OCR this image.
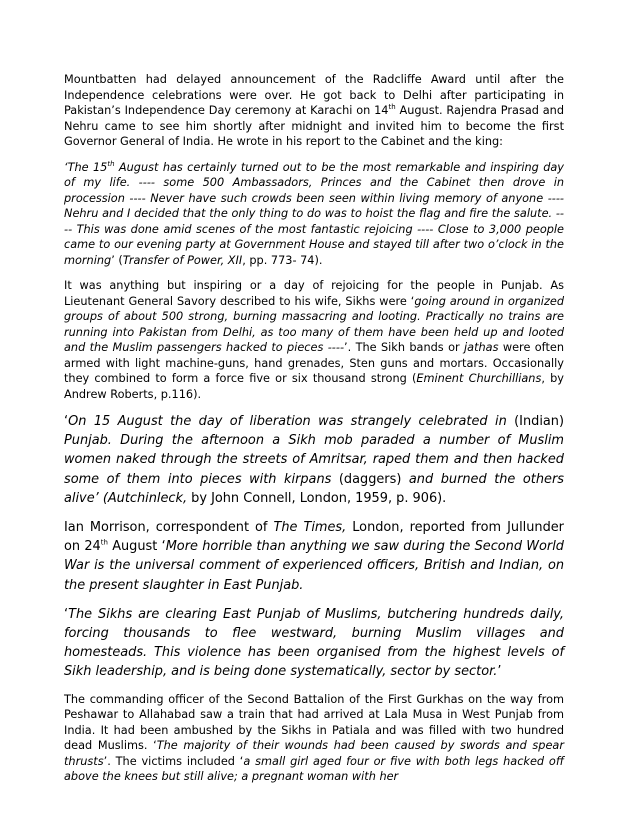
Mountbatten had delayed announcement of the Radcliffe Award until after the Independence celebrations were over. He got back to Delhi after participating in Pakistan’s Independence Day ceremony at Karachi on 14th August. Rajendra Prasad and Nehru came to see him shortly after midnight and invited him to become the first Governor General of India. He wrote in his report to the Cabinet and the king:

‘The 15th August has certainly turned out to be the most remarkable and inspiring day of my life. ---- some 500 Ambassadors, Princes and the Cabinet then drove in procession ---- Never have such crowds been seen within living memory of anyone ---- Nehru and I decided that the only thing to do was to hoist the flag and fire the salute. ---- This was done amid scenes of the most fantastic rejoicing ---- Close to 3,000 people came to our evening party at Government House and stayed till after two o’clock in the morning’ (Transfer of Power, XII, pp. 773- 74).

It was anything but inspiring or a day of rejoicing for the people in Punjab. As Lieutenant General Savory described to his wife, Sikhs were ‘going around in organized groups of about 500 strong, burning massacring and looting. Practically no trains are running into Pakistan from Delhi, as too many of them have been held up and looted and the Muslim passengers hacked to pieces ----’. The Sikh bands or jathas were often armed with light machine-guns, hand grenades, Sten guns and mortars. Occasionally they combined to form a force five or six thousand strong (Eminent Churchillians, by Andrew Roberts, p.116).

‘On 15 August the day of liberation was strangely celebrated in (Indian) Punjab. During the afternoon a Sikh mob paraded a number of Muslim women naked through the streets of Amritsar, raped them and then hacked some of them into pieces with kirpans (daggers) and burned the others alive’ (Autchinleck, by John Connell, London, 1959, p. 906).

Ian Morrison, correspondent of The Times, London, reported from Jullunder on 24th August ‘More horrible than anything we saw during the Second World War is the universal comment of experienced officers, British and Indian, on the present slaughter in East Punjab.

‘The Sikhs are clearing East Punjab of Muslims, butchering hundreds daily, forcing thousands to flee westward, burning Muslim villages and homesteads. This violence has been organised from the highest levels of Sikh leadership, and is being done systematically, sector by sector.’

The commanding officer of the Second Battalion of the First Gurkhas on the way from Peshawar to Allahabad saw a train that had arrived at Lala Musa in West Punjab from India. It had been ambushed by the Sikhs in Patiala and was filled with two hundred dead Muslims. ‘The majority of their wounds had been caused by swords and spear thrusts’. The victims included ‘a small girl aged four or five with both legs hacked off above the knees but still alive; a pregnant woman with her
